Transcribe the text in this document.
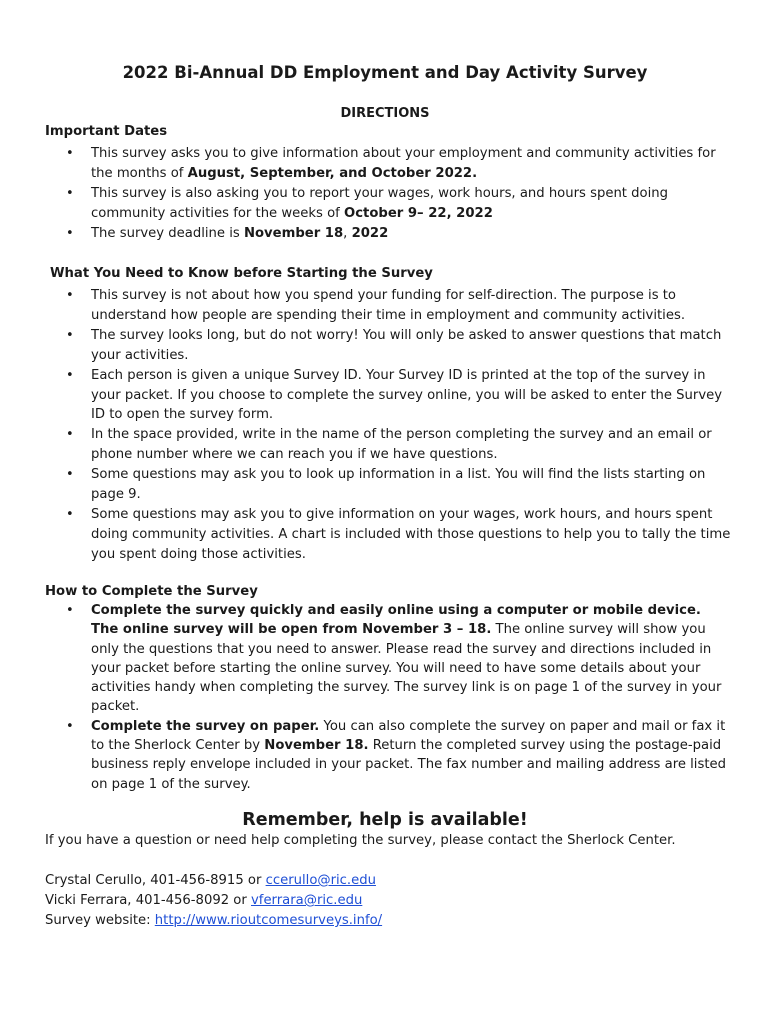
2022 Bi-Annual DD Employment and Day Activity Survey
DIRECTIONS
Important Dates
• This survey asks you to give information about your employment and community activities for the months of August, September, and October 2022.
• This survey is also asking you to report your wages, work hours, and hours spent doing community activities for the weeks of October 9– 22, 2022
• The survey deadline is November 18, 2022
What You Need to Know before Starting the Survey
• This survey is not about how you spend your funding for self-direction. The purpose is to understand how people are spending their time in employment and community activities.
• The survey looks long, but do not worry! You will only be asked to answer questions that match your activities.
• Each person is given a unique Survey ID. Your Survey ID is printed at the top of the survey in your packet. If you choose to complete the survey online, you will be asked to enter the Survey ID to open the survey form.
• In the space provided, write in the name of the person completing the survey and an email or phone number where we can reach you if we have questions.
• Some questions may ask you to look up information in a list. You will find the lists starting on page 9.
• Some questions may ask you to give information on your wages, work hours, and hours spent doing community activities. A chart is included with those questions to help you to tally the time you spent doing those activities.
How to Complete the Survey
• Complete the survey quickly and easily online using a computer or mobile device. The online survey will be open from November 3 – 18. The online survey will show you only the questions that you need to answer. Please read the survey and directions included in your packet before starting the online survey. You will need to have some details about your activities handy when completing the survey. The survey link is on page 1 of the survey in your packet.
• Complete the survey on paper. You can also complete the survey on paper and mail or fax it to the Sherlock Center by November 18. Return the completed survey using the postage-paid business reply envelope included in your packet. The fax number and mailing address are listed on page 1 of the survey.
Remember, help is available!
If you have a question or need help completing the survey, please contact the Sherlock Center.
Crystal Cerullo, 401-456-8915 or ccerullo@ric.edu
Vicki Ferrara, 401-456-8092 or vferrara@ric.edu
Survey website: http://www.rioutcomesurveys.info/
